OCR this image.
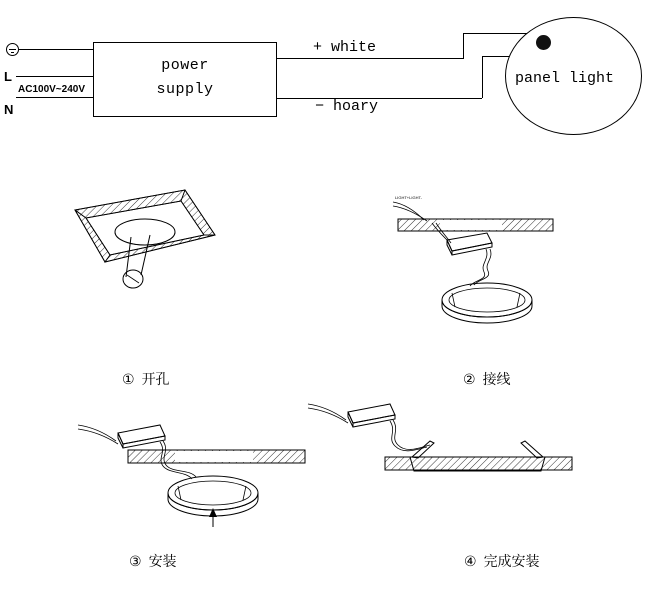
L
N
AC100V~240V
power
supply
+ white
− hoary
panel light
LIGHT+LIGHT-
① 开孔	② 接线
③ 安装	④ 完成安装
